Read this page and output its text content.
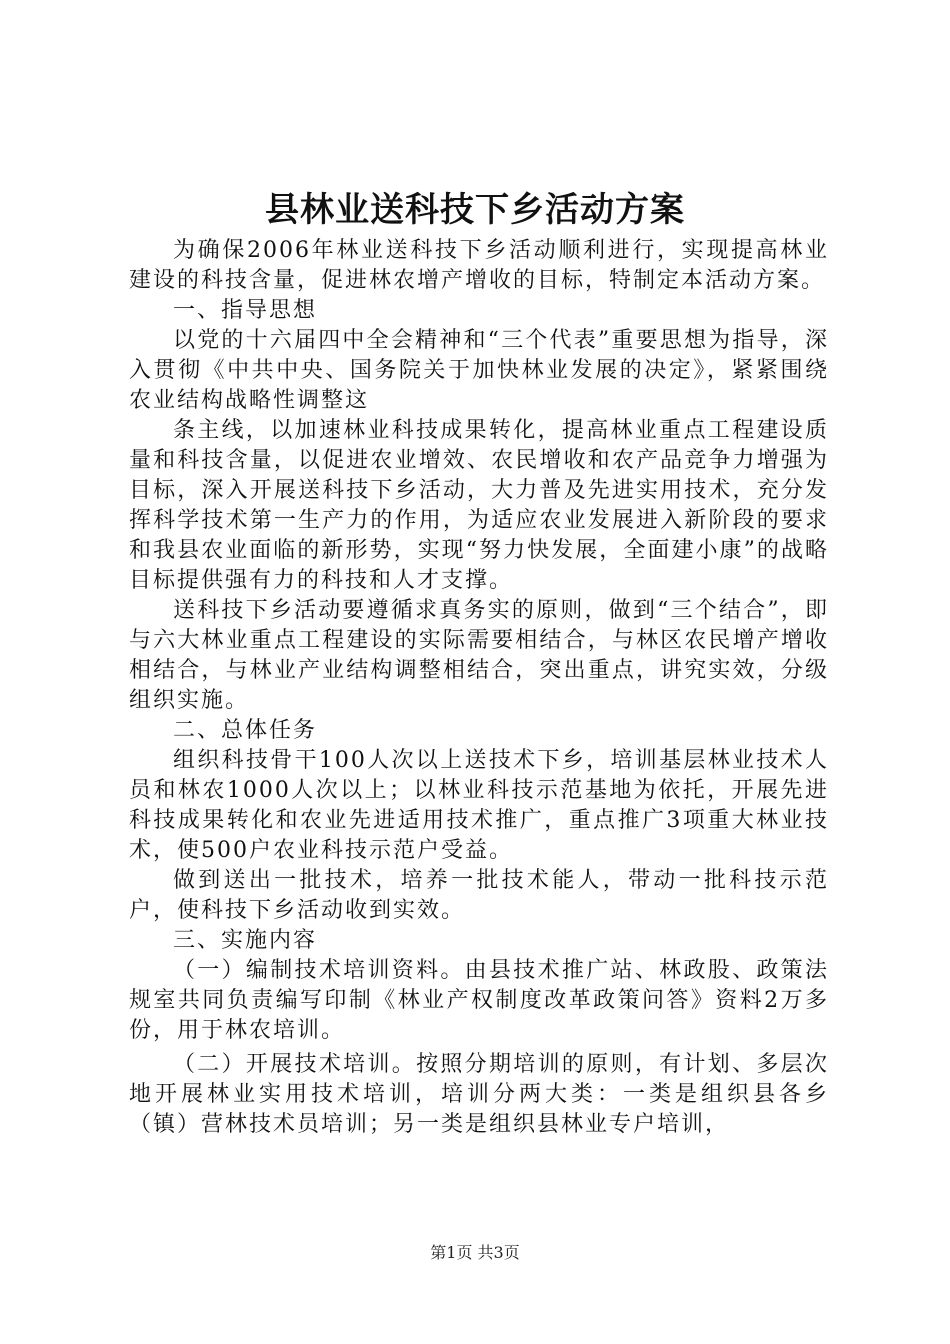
县林业送科技下乡活动方案

为确保2006年林业送科技下乡活动顺利进行，实现提高林业建设的科技含量，促进林农增产增收的目标，特制定本活动方案。

一、指导思想

以党的十六届四中全会精神和“三个代表”重要思想为指导，深入贯彻《中共中央、国务院关于加快林业发展的决定》，紧紧围绕农业结构战略性调整这

条主线，以加速林业科技成果转化，提高林业重点工程建设质量和科技含量，以促进农业增效、农民增收和农产品竞争力增强为目标，深入开展送科技下乡活动，大力普及先进实用技术，充分发挥科学技术第一生产力的作用，为适应农业发展进入新阶段的要求和我县农业面临的新形势，实现“努力快发展，全面建小康”的战略目标提供强有力的科技和人才支撑。

送科技下乡活动要遵循求真务实的原则，做到“三个结合”，即与六大林业重点工程建设的实际需要相结合，与林区农民增产增收相结合，与林业产业结构调整相结合，突出重点，讲究实效，分级组织实施。

二、总体任务

组织科技骨干100人次以上送技术下乡，培训基层林业技术人员和林农1000人次以上；以林业科技示范基地为依托，开展先进科技成果转化和农业先进适用技术推广，重点推广3项重大林业技术，使500户农业科技示范户受益。

做到送出一批技术，培养一批技术能人，带动一批科技示范户，使科技下乡活动收到实效。

三、实施内容

（一）编制技术培训资料。由县技术推广站、林政股、政策法规室共同负责编写印制《林业产权制度改革政策问答》资料2万多份，用于林农培训。

（二）开展技术培训。按照分期培训的原则，有计划、多层次地开展林业实用技术培训，培训分两大类：一类是组织县各乡（镇）营林技术员培训；另一类是组织县林业专户培训，

第1页 共3页
